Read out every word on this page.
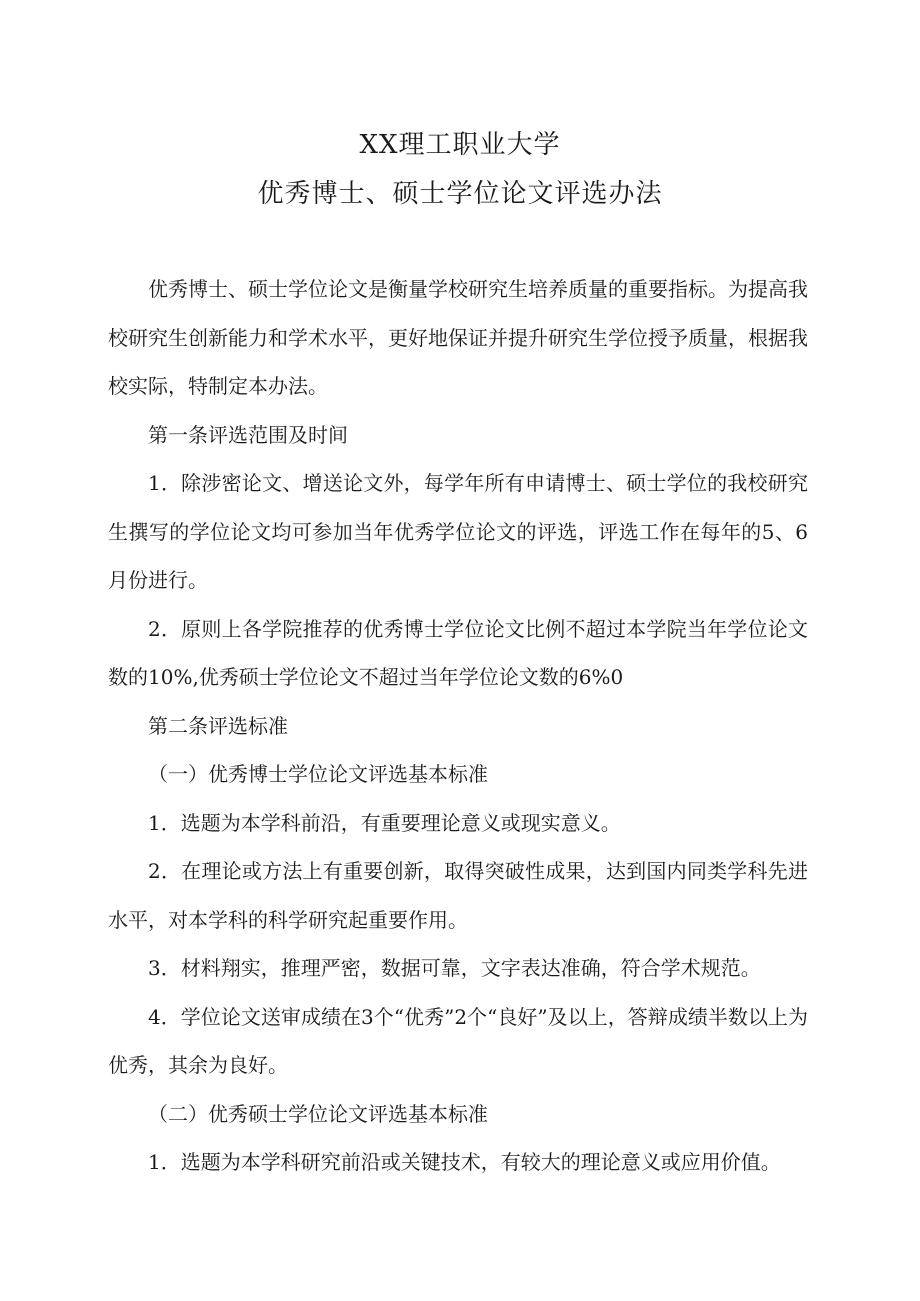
XX理工职业大学
优秀博士、硕士学位论文评选办法

优秀博士、硕士学位论文是衡量学校研究生培养质量的重要指标。为提高我校研究生创新能力和学术水平，更好地保证并提升研究生学位授予质量，根据我校实际，特制定本办法。

第一条评选范围及时间

1．除涉密论文、增送论文外，每学年所有申请博士、硕士学位的我校研究生撰写的学位论文均可参加当年优秀学位论文的评选，评选工作在每年的5、6月份进行。

2．原则上各学院推荐的优秀博士学位论文比例不超过本学院当年学位论文数的10%,优秀硕士学位论文不超过当年学位论文数的6%0

第二条评选标准

（一）优秀博士学位论文评选基本标准

1．选题为本学科前沿，有重要理论意义或现实意义。

2．在理论或方法上有重要创新，取得突破性成果，达到国内同类学科先进水平，对本学科的科学研究起重要作用。

3．材料翔实，推理严密，数据可靠，文字表达准确，符合学术规范。

4．学位论文送审成绩在3个“优秀”2个“良好”及以上，答辩成绩半数以上为优秀，其余为良好。

（二）优秀硕士学位论文评选基本标准

1．选题为本学科研究前沿或关键技术，有较大的理论意义或应用价值。
